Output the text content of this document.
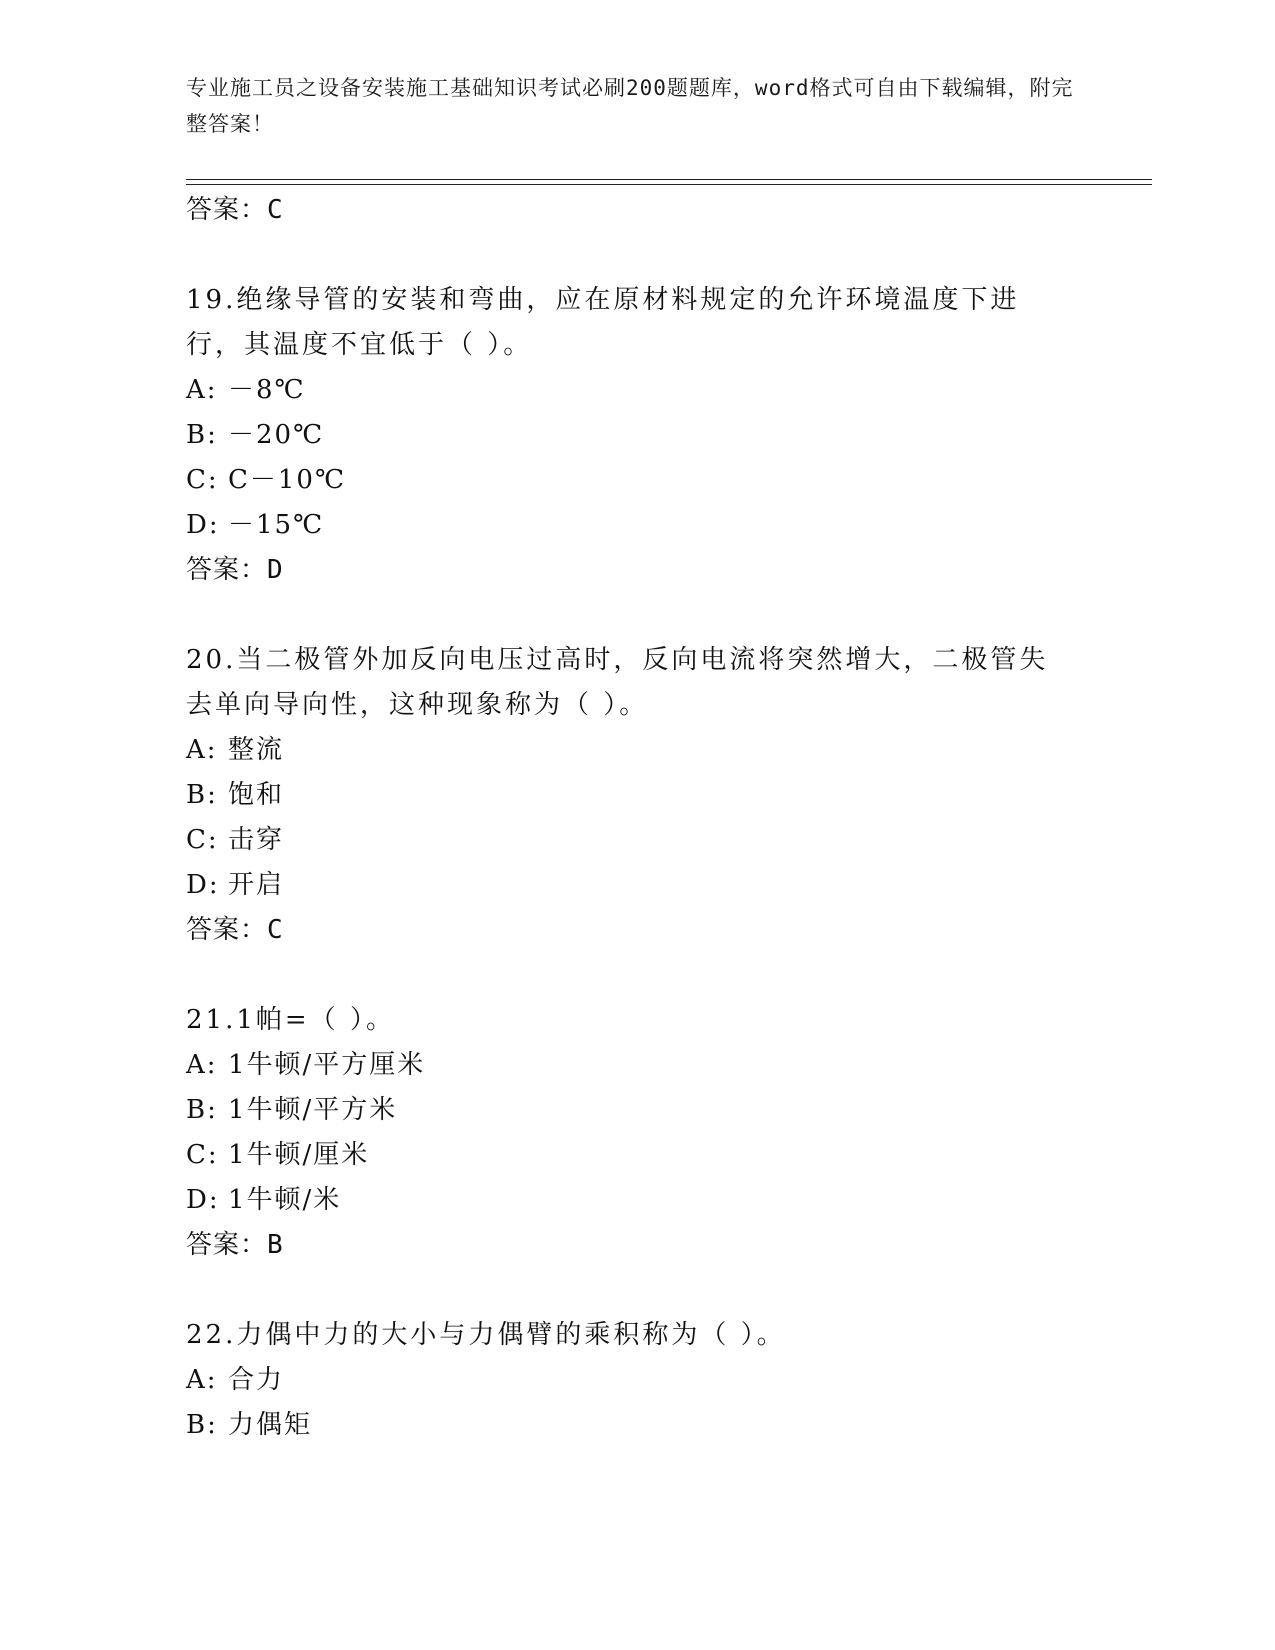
专业施工员之设备安装施工基础知识考试必刷200题题库，word格式可自由下载编辑，附完整答案！
答案：C
19.绝缘导管的安装和弯曲，应在原材料规定的允许环境温度下进行，其温度不宜低于（ ）。
A: －8℃
B: －20℃
C: C－10℃
D: －15℃
答案：D
20.当二极管外加反向电压过高时，反向电流将突然增大，二极管失去单向导向性，这种现象称为（ ）。
A: 整流
B: 饱和
C: 击穿
D: 开启
答案：C
21.1帕=（ ）。
A: 1牛顿/平方厘米
B: 1牛顿/平方米
C: 1牛顿/厘米
D: 1牛顿/米
答案：B
22.力偶中力的大小与力偶臂的乘积称为（ ）。
A: 合力
B: 力偶矩
